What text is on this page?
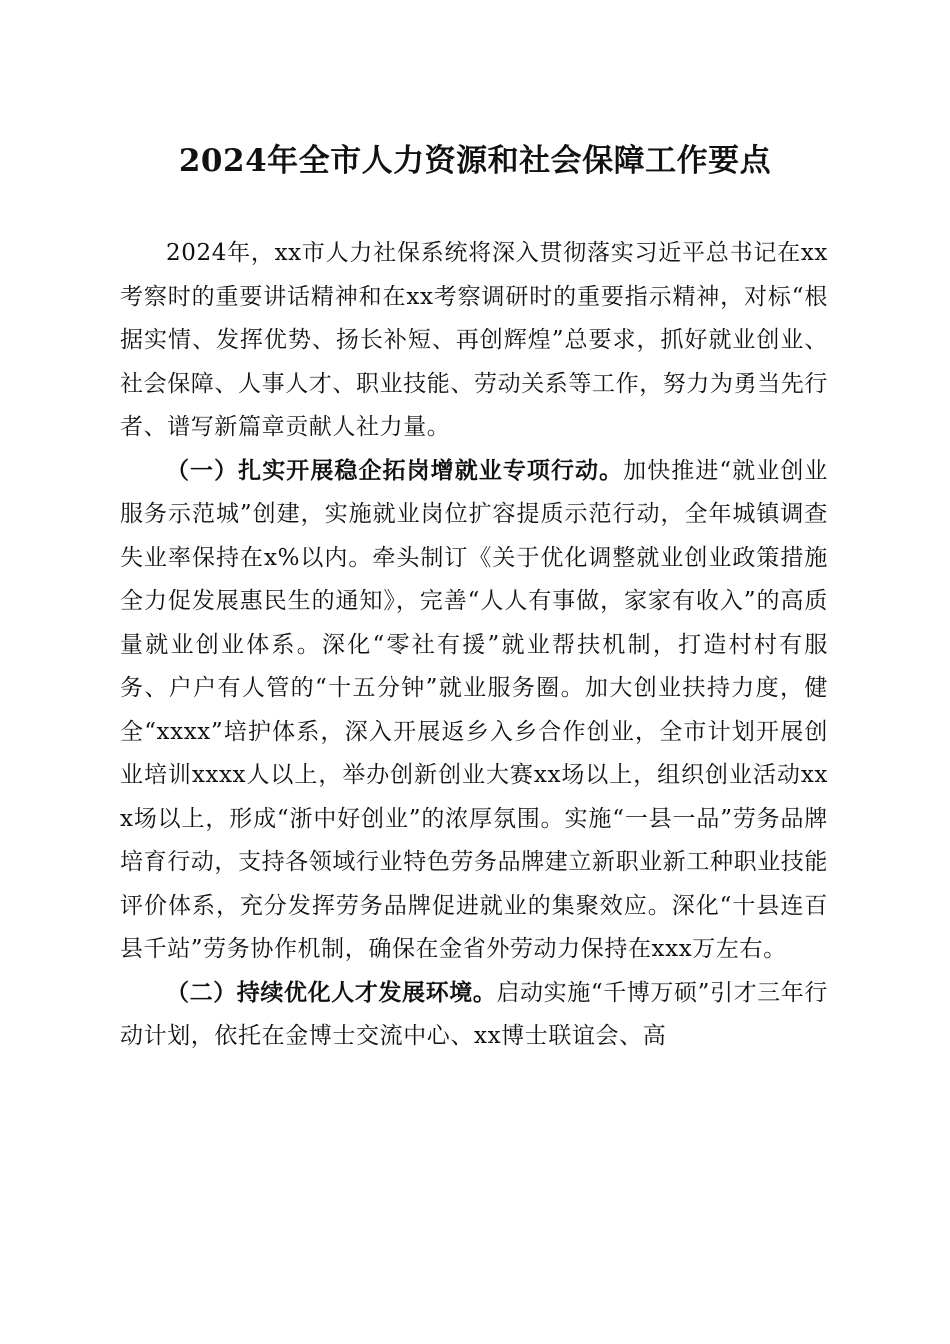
2024年全市人力资源和社会保障工作要点

2024年，xx市人力社保系统将深入贯彻落实习近平总书记在xx考察时的重要讲话精神和在xx考察调研时的重要指示精神，对标“根据实情、发挥优势、扬长补短、再创辉煌”总要求，抓好就业创业、社会保障、人事人才、职业技能、劳动关系等工作，努力为勇当先行者、谱写新篇章贡献人社力量。

（一）扎实开展稳企拓岗增就业专项行动。加快推进“就业创业服务示范城”创建，实施就业岗位扩容提质示范行动，全年城镇调查失业率保持在x%以内。牵头制订《关于优化调整就业创业政策措施全力促发展惠民生的通知》，完善“人人有事做，家家有收入”的高质量就业创业体系。深化“零社有援”就业帮扶机制，打造村村有服务、户户有人管的“十五分钟”就业服务圈。加大创业扶持力度，健全“xxxx”培护体系，深入开展返乡入乡合作创业，全市计划开展创业培训xxxx人以上，举办创新创业大赛xx场以上，组织创业活动xxx场以上，形成“浙中好创业”的浓厚氛围。实施“一县一品”劳务品牌培育行动，支持各领域行业特色劳务品牌建立新职业新工种职业技能评价体系，充分发挥劳务品牌促进就业的集聚效应。深化“十县连百县千站”劳务协作机制，确保在金省外劳动力保持在xxx万左右。

（二）持续优化人才发展环境。启动实施“千博万硕”引才三年行动计划，依托在金博士交流中心、xx博士联谊会、高
